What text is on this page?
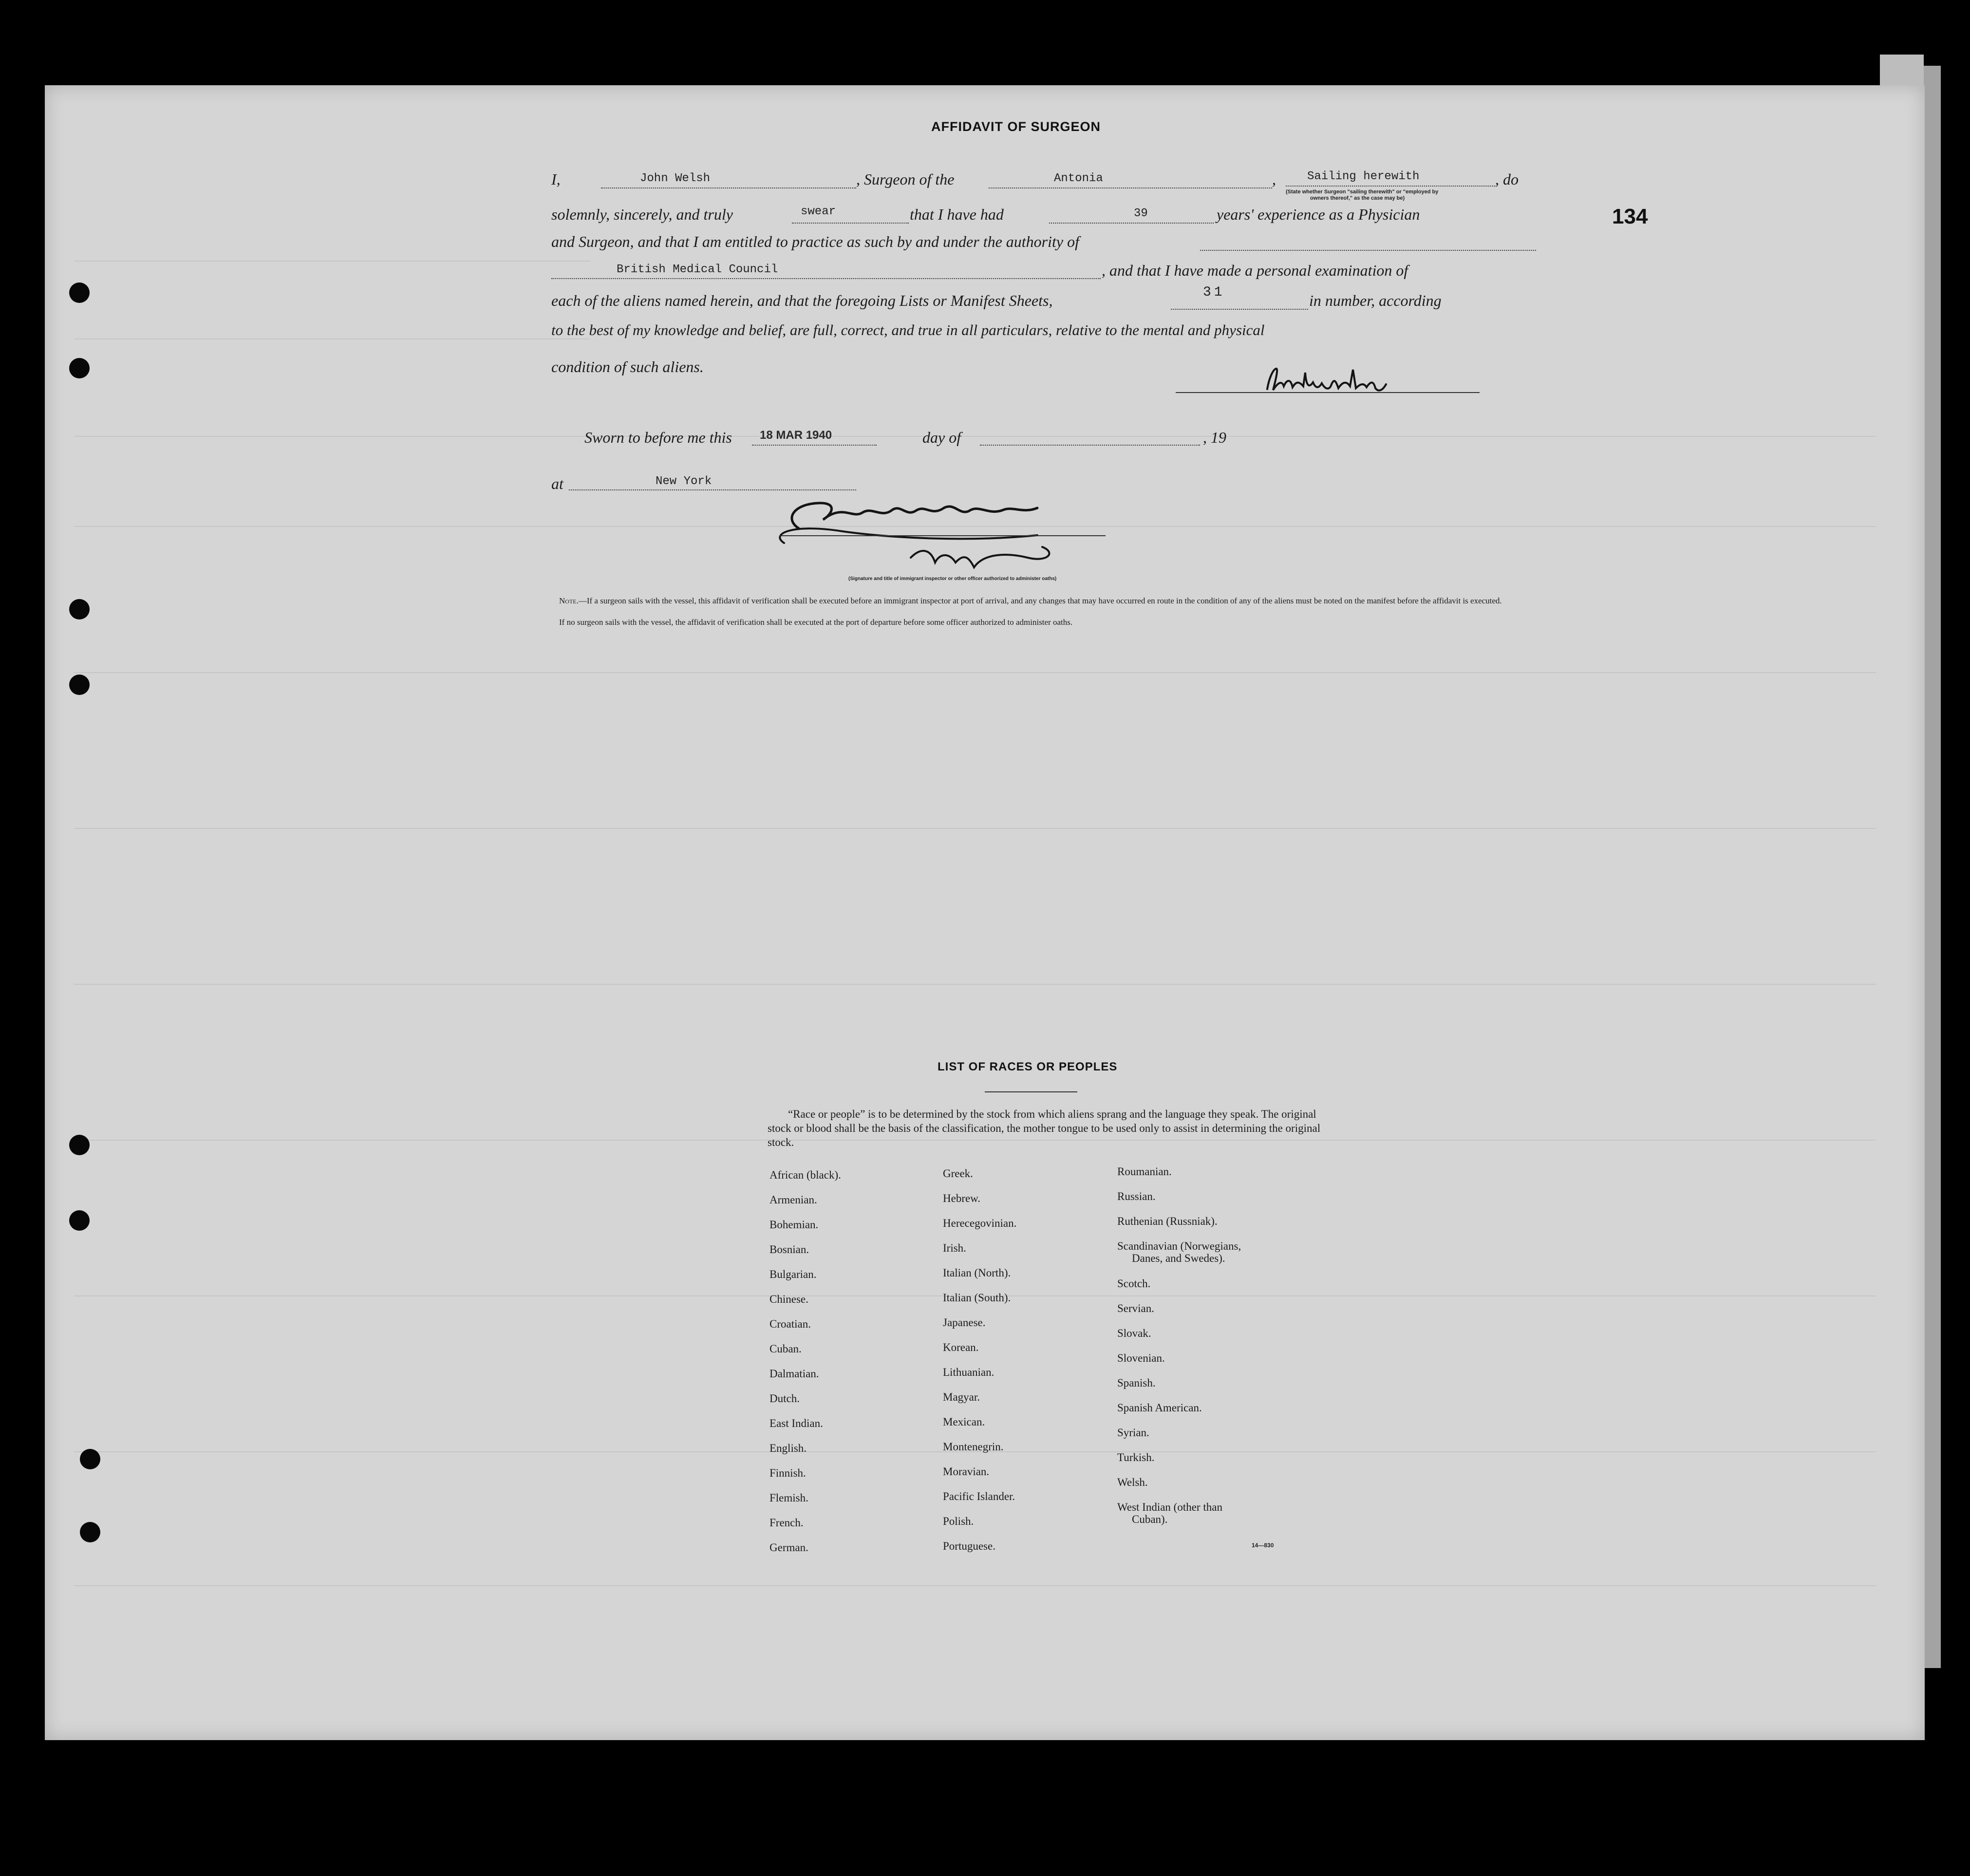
134
AFFIDAVIT OF SURGEON
I,	John Welsh	, Surgeon of the	Antonia	,	Sailing herewith
(State whether Surgeon "sailing therewith" or "employed by
owners thereof," as the case may be)
, do
solemnly, sincerely, and truly	swear	that I have had	39	years' experience as a Physician
and Surgeon, and that I am entitled to practice as such by and under the authority of
British Medical Council	, and that I have made a personal examination of
each of the aliens named herein, and that the foregoing Lists or Manifest Sheets,	31	in number, according
to the best of my knowledge and belief, are full, correct, and true in all particulars, relative to the mental and physical
condition of such aliens.
Sworn to before me this 18 MAR 1940	day of	, 19
at	New York
(Signature and title of immigrant inspector or other officer authorized to administer oaths)
Note.—If a surgeon sails with the vessel, this affidavit of verification shall be executed before an immigrant inspector at port of arrival, and any changes that may have occurred en route in the condition of any of the aliens must be noted on the manifest before the affidavit is executed.
If no surgeon sails with the vessel, the affidavit of verification shall be executed at the port of departure before some officer authorized to administer oaths.
LIST OF RACES OR PEOPLES
“Race or people” is to be determined by the stock from which aliens sprang and the language they speak. The original stock or blood shall be the basis of the classification, the mother tongue to be used only to assist in determining the original stock.
African (black).
Armenian.
Bohemian.
Bosnian.
Bulgarian.
Chinese.
Croatian.
Cuban.
Dalmatian.
Dutch.
East Indian.
English.
Finnish.
Flemish.
French.
German.
Greek.
Hebrew.
Herecegovinian.
Irish.
Italian (North).
Italian (South).
Japanese.
Korean.
Lithuanian.
Magyar.
Mexican.
Montenegrin.
Moravian.
Pacific Islander.
Polish.
Portuguese.
Roumanian.
Russian.
Ruthenian (Russniak).
Scandinavian (Norwegians,
Danes, and Swedes).
Scotch.
Servian.
Slovak.
Slovenian.
Spanish.
Spanish American.
Syrian.
Turkish.
Welsh.
West Indian (other than
Cuban).
14—830
